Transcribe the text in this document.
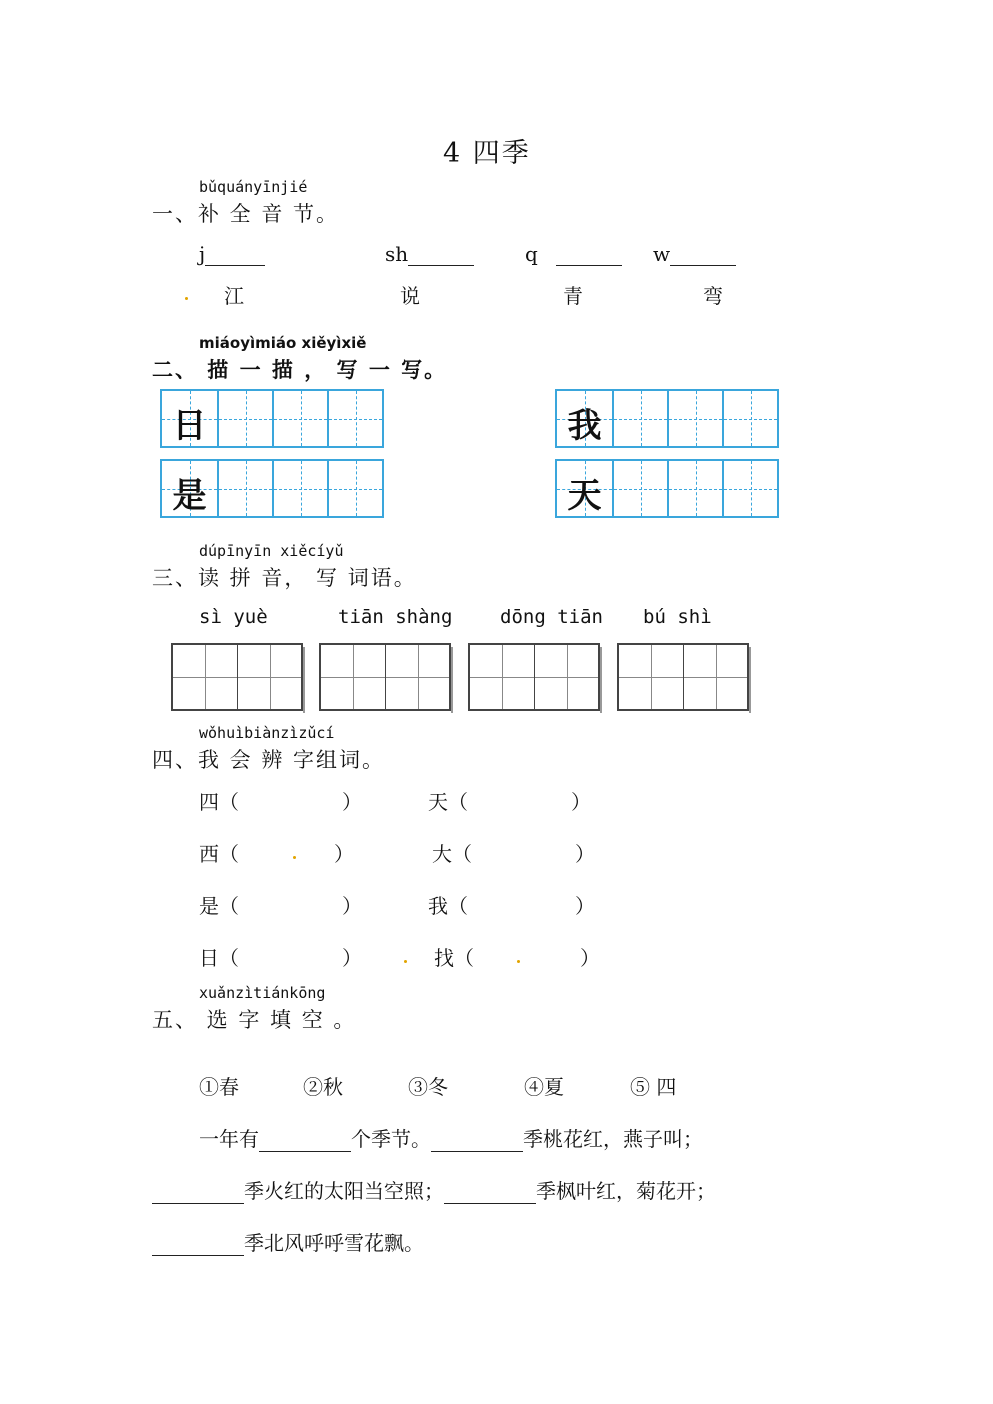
4 四季
bǔquányīnjié
一、补 全 音 节。
j	sh	q	w
江	说	青	弯
miáoyìmiáo xiěyìxiě
二、 描 一 描 ， 写 一 写。
日	我
是	天
dúpīnyīn xiěcíyǔ
三、读 拼 音， 写 词语。
sì yuè	tiān shàng	dōng tiān bú shì
wǒhuìbiànzìzǔcí
四、我 会 辨 字组词。
四（	）	天（	）
西（	）	大（	）
是（	）	我（	）
日（	）	找（	）
xuǎnzìtiánkōng
五、 选 字 填 空 。
①春	②秋	③冬	④夏	⑤ 四
一年有	个季节。	季桃花红，燕子叫；
季火红的太阳当空照；	季枫叶红，菊花开；
季北风呼呼雪花飘。
